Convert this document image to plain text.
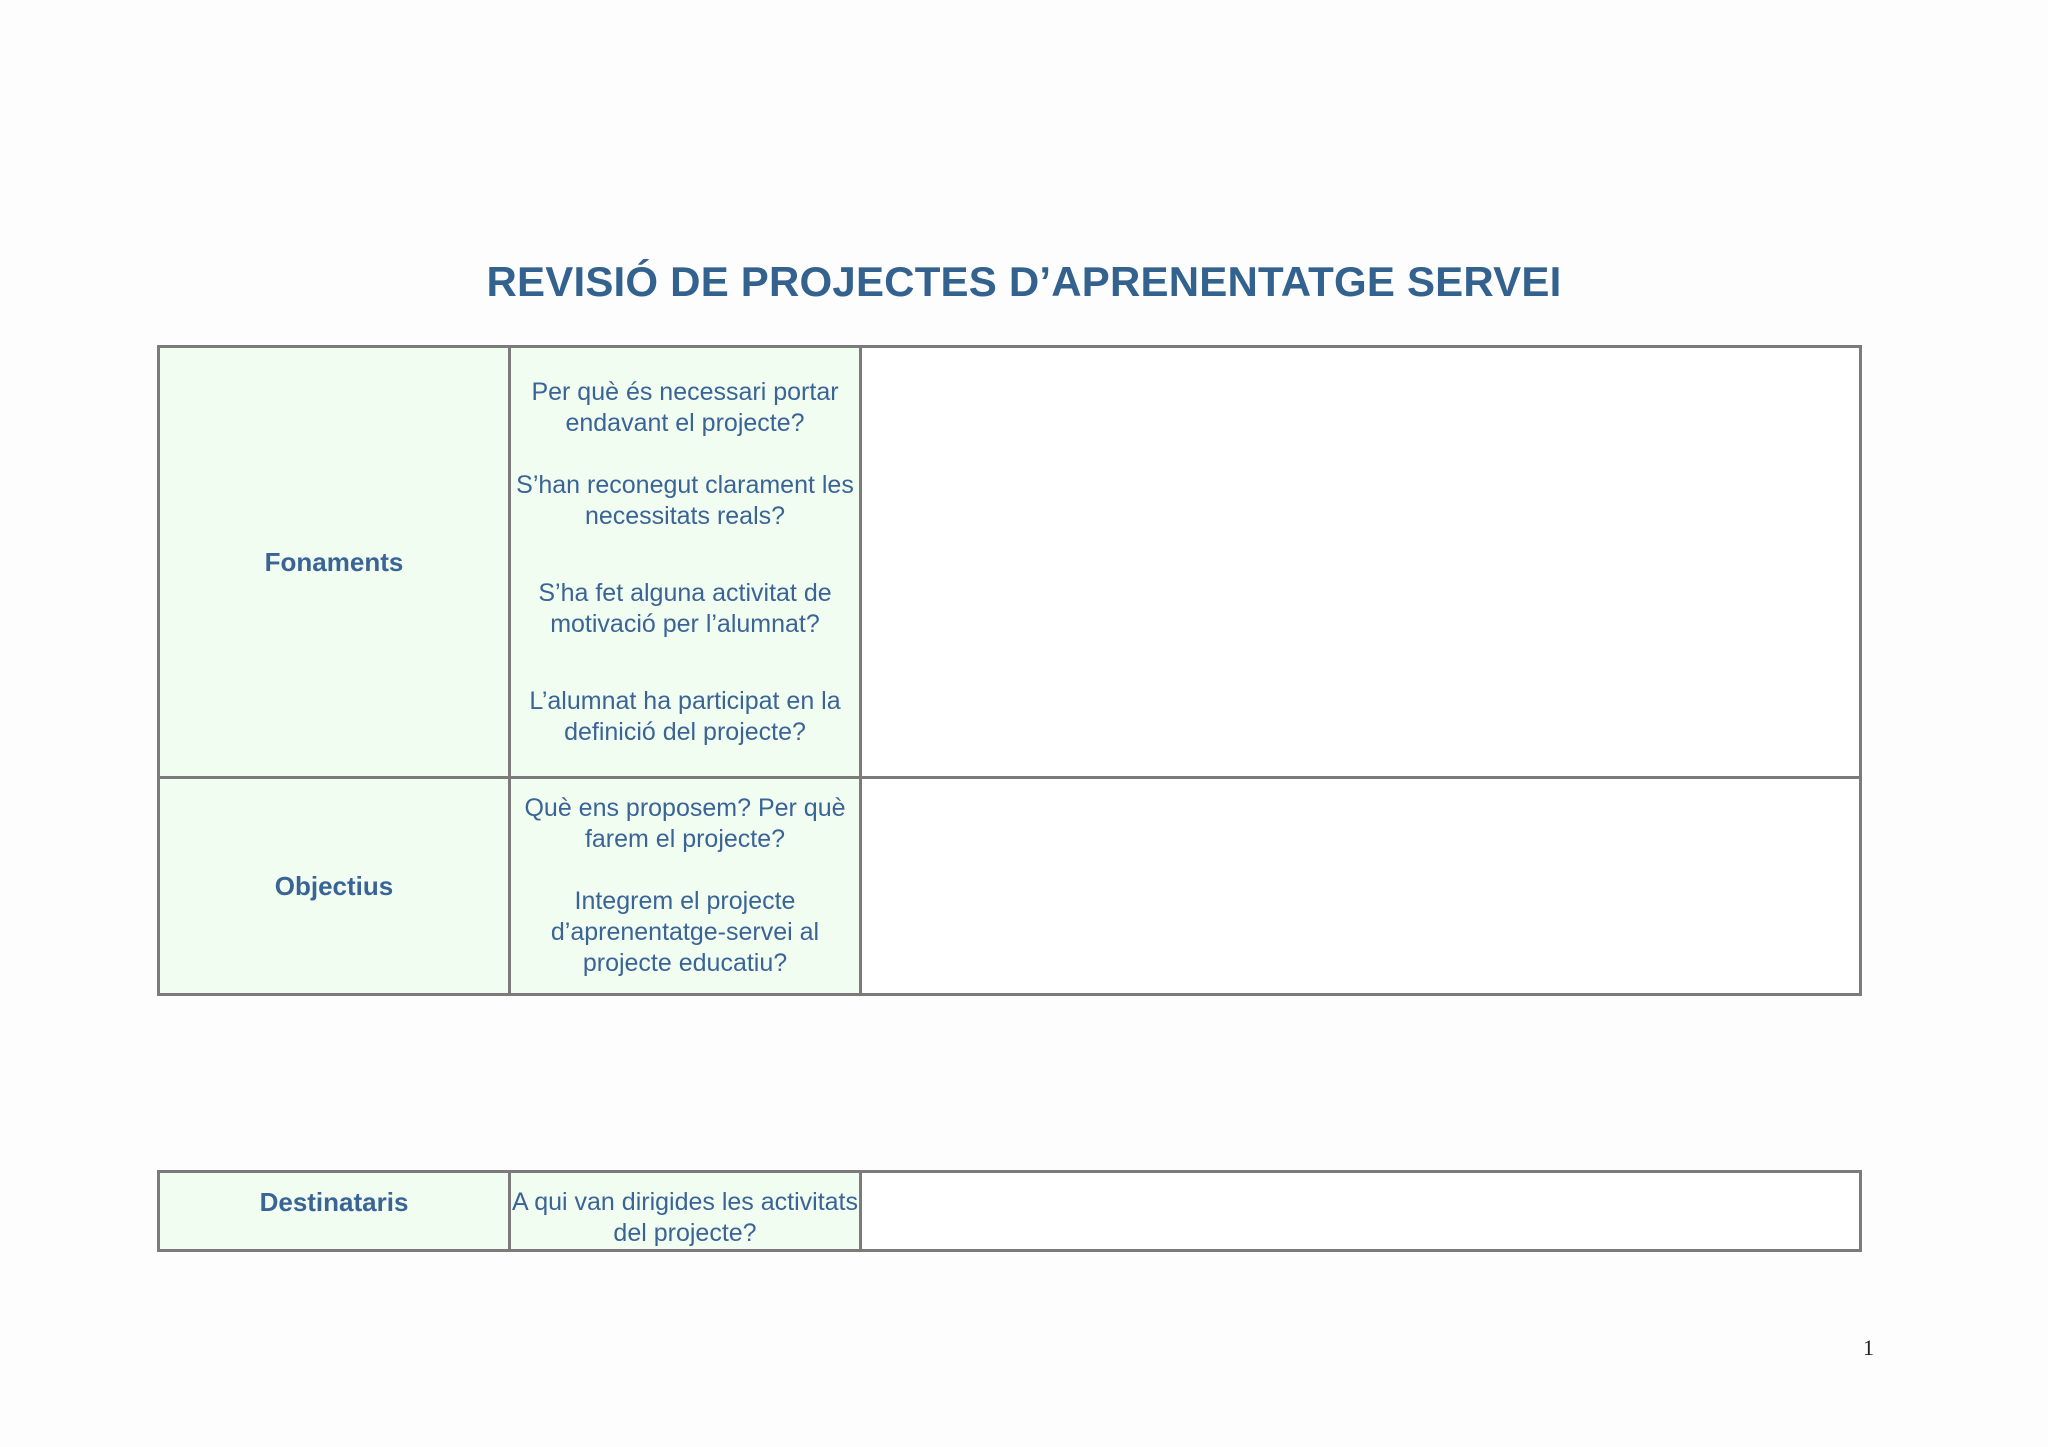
REVISIÓ DE PROJECTES D’APRENENTATGE SERVEI
Fonaments	Per què és necessari portar endavant el projecte?

S’han reconegut clarament les necessitats reals?

S’ha fet alguna activitat de motivació per l’alumnat?

L’alumnat ha participat en la definició del projecte?	

Objectius	Què ens proposem? Per què farem el projecte?

Integrem el projecte d’aprenentatge-servei al projecte educatiu?	

Destinataris	A qui van dirigides les activitats del projecte?

1
